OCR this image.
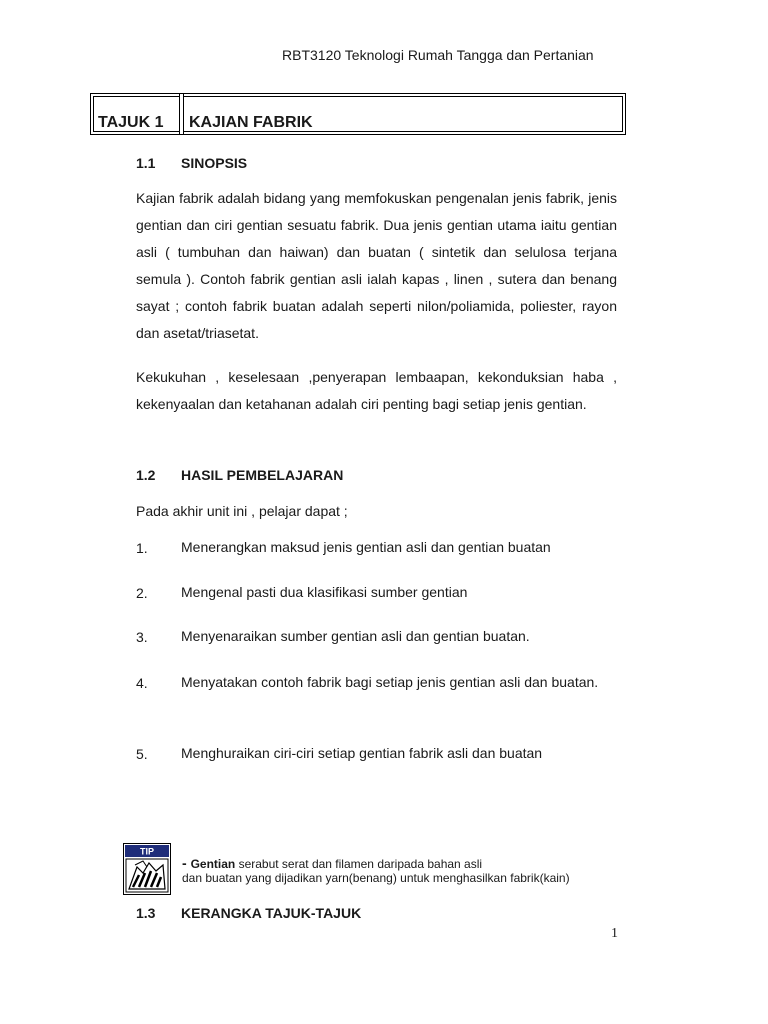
RBT3120 Teknologi Rumah Tangga dan Pertanian
TAJUK 1 KAJIAN FABRIK
1.1 SINOPSIS

Kajian fabrik adalah bidang yang memfokuskan pengenalan jenis fabrik, jenis gentian dan ciri gentian sesuatu fabrik. Dua jenis gentian utama iaitu gentian asli ( tumbuhan dan haiwan) dan buatan ( sintetik dan selulosa terjana semula ). Contoh fabrik gentian asli ialah kapas , linen , sutera dan benang sayat ; contoh fabrik buatan adalah seperti nilon/poliamida, poliester, rayon dan asetat/triasetat.

Kekukuhan , keselesaan ,penyerapan lembaapan, kekonduksian haba , kekenyaalan dan ketahanan adalah ciri penting bagi setiap jenis gentian.

1.2 HASIL PEMBELAJARAN
Pada akhir unit ini , pelajar dapat ;
1. Menerangkan maksud jenis gentian asli dan gentian buatan
2. Mengenal pasti dua klasifikasi sumber gentian
3. Menyenaraikan sumber gentian asli dan gentian buatan.
4. Menyatakan contoh fabrik bagi setiap jenis gentian asli dan buatan.
5. Menghuraikan ciri-ciri setiap gentian fabrik asli dan buatan
TIP
- Gentian serabut serat dan filamen daripada bahan asli
dan buatan yang dijadikan yarn(benang) untuk menghasilkan fabrik(kain)
1.3 KERANGKA TAJUK-TAJUK
1
